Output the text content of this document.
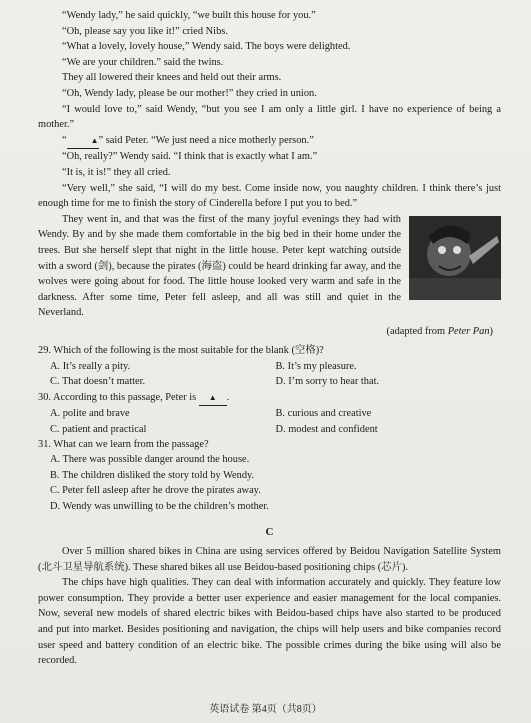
“Wendy lady,” he said quickly, “we built this house for you.”

“Oh, please say you like it!” cried Nibs.

“What a lovely, lovely house,” Wendy said. The boys were delighted.

“We are your children.” said the twins.

They all lowered their knees and held out their arms.

“Oh, Wendy lady, please be our mother!” they cried in union.

“I would love to,” said Wendy, “but you see I am only a little girl. I have no experience of being a mother.”

“	▲” said Peter. “We just need a nice motherly person.”

“Oh, really?” Wendy said. “I think that is exactly what I am.”

“It is, it is!” they all cried.

“Very well,” she said, “I will do my best. Come inside now, you naughty children. I think there’s just enough time for me to finish the story of Cinderella before I put you to bed.”

They went in, and that was the first of the many joyful evenings they had with Wendy. By and by she made them comfortable in the big bed in their home under the trees. But she herself slept that night in the little house. Peter kept watching outside with a sword (剑), because the pirates (海盗) could be heard drinking far away, and the wolves were going about for food. The little house looked very warm and safe in the darkness. After some time, Peter fell asleep, and all was still and quiet in the Neverland.

(adapted from Peter Pan)

29. Which of the following is the most suitable for the blank (空格)?

A. It’s really a pity.	B. It’s my pleasure.
C. That doesn’t matter.	D. I’m sorry to hear that.

30. According to this passage, Peter is ▲ .

A. polite and brave	B. curious and creative
C. patient and practical	D. modest and confident

31. What can we learn from the passage?

A. There was possible danger around the house.
B. The children disliked the story told by Wendy.
C. Peter fell asleep after he drove the pirates away.
D. Wendy was unwilling to be the children’s mother.
C

Over 5 million shared bikes in China are using services offered by Beidou Navigation Satellite System (北斗卫星导航系统). These shared bikes all use Beidou-based positioning chips (芯片).

The chips have high qualities. They can deal with information accurately and quickly. They feature low power consumption. They provide a better user experience and easier management for the local companies. Now, several new models of shared electric bikes with Beidou-based chips have also started to be produced and put into market. Besides positioning and navigation, the chips will help users and bike companies record user speed and battery condition of an electric bike. The possible crimes during the bike using will also be recorded.

英语试卷 第4页（共8页）
